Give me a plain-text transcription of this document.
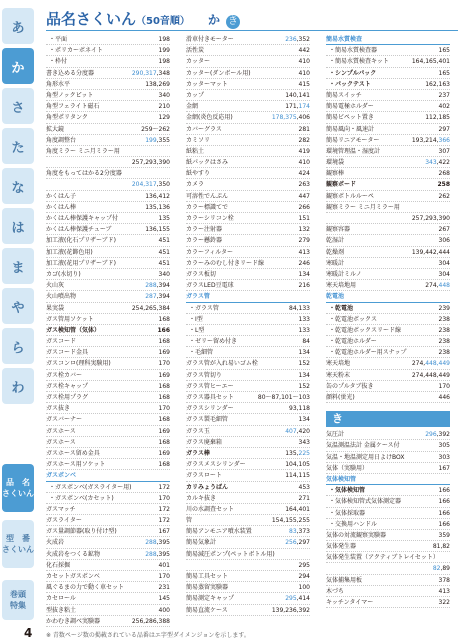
あ
か
さ
た
な
は
ま
や
ら
わ
品　名
さくいん
型　番
さくいん
巻頭
特集
品名さくいん （50音順） か き
・平面	198
・ポリカーボネイト	199
・枠付	198
書き込める分度器	290,317,348
角形水平	138,269
角型ノックピット	340
角型フェライト磁石	210
角型ポリタンク	129
拡大鏡	259～262
角度調整台	199,355
角度ミラー ミニ月ミラー用
257,293,390
角度をもってはかる2分度器
204,317,350
かくはん子	136,412
かくはん棒	135,136
かくはん棒保護キャップ付	135
かくはん棒保護チューブ	136,155
加工液(化石プリザーブド)	451
加工液(花飾色用)	451
加工液(花用プリザーブド)	451
カゴ(水切り)	340
火山灰	288,394
火山噴出物	287,394
果実袋	254,265,384
ガス管用ソケット	168
ガス検知管（気体）	166
ガスコード	168
ガスコード金具	169
ガスコンロ(理科実験用)	170
ガス栓カバー	169
ガス栓キャップ	168
ガス栓用プラグ	168
ガス抜き	170
ガスバーナー	168
ガスホース	169
ガスホース	168
ガスホース留め金具	169
ガスホース用ソケット	168
ガスボンベ
・ガスボンベ(ガスライター用)	172
・ガスボンベ(カセット)	170
ガスマッチ	172
ガスライター	172
ガス量調節器(取り付け型)	167
火成岩	288,395
火成岩をつくる鉱物	288,395
化石採掘	401
カセットガスボンベ	170
風ぐるまの力で動く車セット	231
カセロール	145
型抜き粘土	400
かわむき調べ実験器	256,286,388
滑車付きモーター	236,352
活性炭	442
カッター	410
カッター(ダンボール用)	410
カッターマット	415
カップ	140,141
金網	171,174
金網(炎色反応用)	178,375,406
カバーグラス	281
カミソリ	282
紙粘土	419
紙パックはさみ	410
紙やすり	424
カメラ	263
可溶性でんぷん	447
カラー標識てで	266
カラーシリコン栓	151
カラー注射器	132
カラー懸鈴器	279
カラーフィルター	413
カラーみのむし付きリード線	246
ガラス板切	134
ガラスLED豆電球	216
ガラス管
・ガラス管	84,133
・I型	133
・L型	133
・ゼリー留め付き	84
・毛細管	134
ガラス管が入れ易いゴム栓	152
ガラス管切り	134
ガラス管ヒーエー	152
ガラス器具セット	80～87,101～103
ガラスシリンダー	93,118
ガラス製毛細管	134
ガラス玉	407,420
ガラス廃棄箱	343
ガラス棒	135,225
ガラスメスシリンダー	104,105
ガラスロート	114,115
カリみょうばん	453
カルキ抜き	271
川の水調査セット	164,401
管	154,155,255
簡易アンモニア噴水装置	83,373
簡易気象計	256,297
簡易減圧ポンプ(ペットボトル用)
295
簡易工具セット	294
簡易蒸留実験器	100
簡易測定キャップ	295,414
簡易直流ケース	139,236,392
簡易水質検査
・簡易水質検査器	165
・簡易水質検査キット	164,165,401
・シンプルパック	165
・パックテスト	162,163
簡易スイッチ	237
簡易電極ホルダー	402
簡易ビペット置き	112,185
簡易風向・風速計	297
簡易リニアモーター	193,214,366
環境管理温・湿度計	307
環境袋	343,422
観察棒	268
観察ボード	258
観察ボトルルーペ	262
観察ミラー ミニ月ミラー用
257,293,390
観察容器	267
乾湿計	306
乾燥剤	139,442,444
寒暖計	304
寒暖計ミルノ	304
寒天培地用	274,448
乾電池
・乾電池	239
・乾電池ボックス	238
・乾電池ボックスリード線	238
・乾電池ホルダー	238
・乾電池ホルダー用スナップ	238
寒天培地	274,448,449
寒天粉末	274,448,449
缶のプルタブ抜き	170
顔料(蛍光)	446
き
気圧計	296,392
気温測温法計 金属ケース付	305
気温・地温測定用日よけBOX	303
気体（実験用）	167
気体検知管
・気体検知管	166
・気体検知管式気体測定器	166
・気体採取器	166
・交換用ハンドル	166
気体の対流観察実験器	359
気体発生器	81,82
気体発生装置（アクティブトレイセット）
82,89
気体捕集用板	378
木づち	413
キッチンタイマー	322
4 ※ 青数ページ数の掲載されている品番はエ字型ダイメンジョンを示します。
